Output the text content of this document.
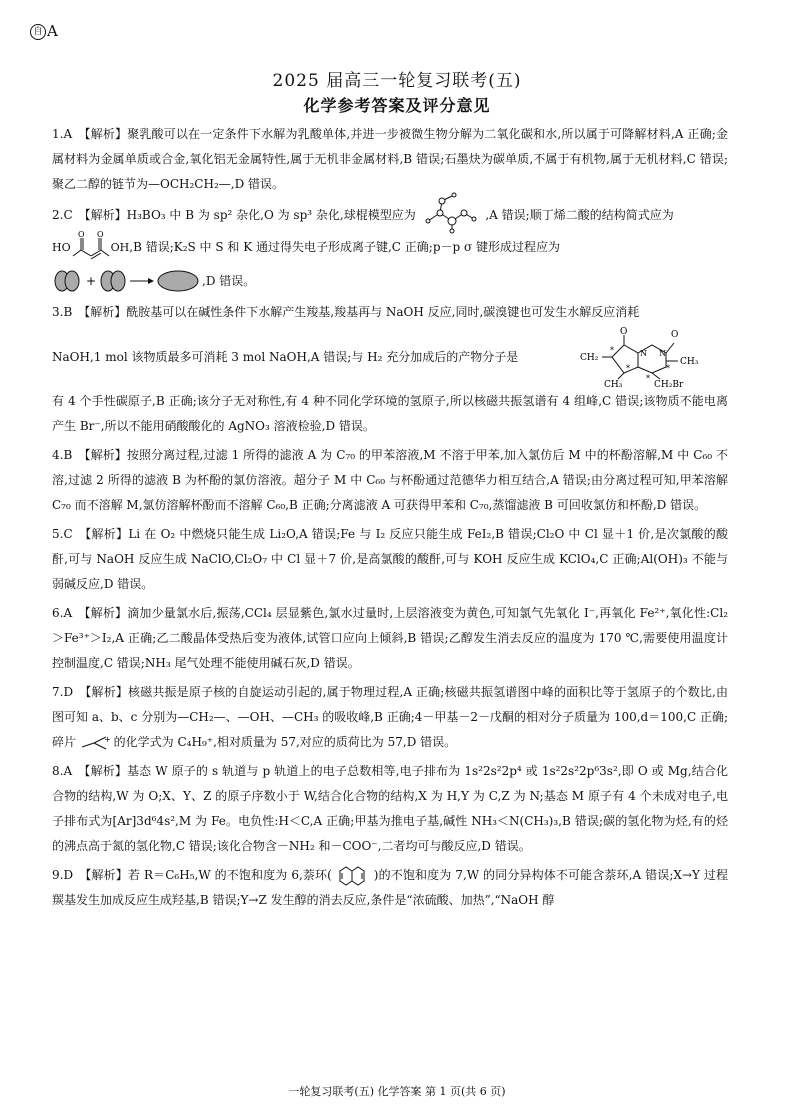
自 A
2025 届高三一轮复习联考(五)
化学参考答案及评分意见

1.A　【解析】聚乳酸可以在一定条件下水解为乳酸单体,并进一步被微生物分解为二氧化碳和水,所以属于可降解材料,A 正确;金属材料为金属单质或合金,氧化铝无金属特性,属于无机非金属材料,B 错误;石墨炔为碳单质,不属于有机物,属于无机材料,C 错误;聚乙二醇的链节为—OCH₂CH₂—,D 错误。

2.C　【解析】H₃BO₃ 中 B 为 sp² 杂化,O 为 sp³ 杂化,球棍模型应为	,A 错误;顺丁烯二酸的结构简式应为
HO
O O
OH ,B 错误;K₂S 中 S 和 K 通过得失电子形成离子键,C 正确;p－p σ 键形成过程应为
+	,D 错误。
3.B　【解析】酰胺基可以在碱性条件下水解产生羧基,羧基再与 NaOH 反应,同时,碳溴键也可发生水解反应消耗
NaOH,1 mol 该物质最多可消耗 3 mol NaOH,A 错误;与 H₂ 充分加成后的产物分子是	CH₂
O	O
N N
CH₃
CH₃	CH₂Br
*
*	*
*
有 4 个手性碳原子,B 正确;该分子无对称性,有 4 种不同化学环境的氢原子,所以核磁共振氢谱有 4 组峰,C 错误;该物质不能电离产生 Br⁻,所以不能用硝酸酸化的 AgNO₃ 溶液检验,D 错误。

4.B　【解析】按照分离过程,过滤 1 所得的滤液 A 为 C₇₀ 的甲苯溶液,M 不溶于甲苯,加入氯仿后 M 中的杯酚溶解,M 中 C₆₀ 不溶,过滤 2 所得的滤液 B 为杯酚的氯仿溶液。超分子 M 中 C₆₀ 与杯酚通过范德华力相互结合,A 错误;由分离过程可知,甲苯溶解 C₇₀ 而不溶解 M,氯仿溶解杯酚而不溶解 C₆₀,B 正确;分离滤液 A 可获得甲苯和 C₇₀,蒸馏滤液 B 可回收氯仿和杯酚,D 错误。

5.C　【解析】Li 在 O₂ 中燃烧只能生成 Li₂O,A 错误;Fe 与 I₂ 反应只能生成 FeI₂,B 错误;Cl₂O 中 Cl 显＋1 价,是次氯酸的酸酐,可与 NaOH 反应生成 NaClO,Cl₂O₇ 中 Cl 显＋7 价,是高氯酸的酸酐,可与 KOH 反应生成 KClO₄,C 正确;Al(OH)₃ 不能与弱碱反应,D 错误。

6.A　【解析】滴加少量氯水后,振荡,CCl₄ 层显紫色,氯水过量时,上层溶液变为黄色,可知氯气先氧化 I⁻,再氧化 Fe²⁺,氧化性:Cl₂＞Fe³⁺＞I₂,A 正确;乙二酸晶体受热后变为液体,试管口应向上倾斜,B 错误;乙醇发生消去反应的温度为 170 ℃,需要使用温度计控制温度,C 错误;NH₃ 尾气处理不能使用碱石灰,D 错误。

7.D　【解析】核磁共振是原子核的自旋运动引起的,属于物理过程,A 正确;核磁共振氢谱图中峰的面积比等于氢原子的个数比,由图可知 a、b、c 分别为—CH₂—、—OH、—CH₃ 的吸收峰,B 正确;4－甲基－2－戊酮的相对分子质量为 100,d＝100,C 正确;碎片	+ 的化学式为 C₄H₉⁺,相对质量为 57,对应的质荷比为 57,D 错误。

8.A　【解析】基态 W 原子的 s 轨道与 p 轨道上的电子总数相等,电子排布为 1s²2s²2p⁴ 或 1s²2s²2p⁶3s²,即 O 或 Mg,结合化合物的结构,W 为 O;X、Y、Z 的原子序数小于 W,结合化合物的结构,X 为 H,Y 为 C,Z 为 N;基态 M 原子有 4 个未成对电子,电子排布式为[Ar]3d⁶4s²,M 为 Fe。电负性:H＜C,A 正确;甲基为推电子基,碱性 NH₃＜N(CH₃)₃,B 错误;碳的氢化物为烃,有的烃的沸点高于氮的氢化物,C 错误;该化合物含－NH₂ 和－COO⁻,二者均可与酸反应,D 错误。

9.D　【解析】若 R＝C₆H₅,W 的不饱和度为 6,萘环(	)的不饱和度为 7,W 的同分异构体不可能含萘环,A 错误;X→Y 过程羰基发生加成反应生成羟基,B 错误;Y→Z 发生醇的消去反应,条件是“浓硫酸、加热”,“NaOH 醇

一轮复习联考(五) 化学答案 第 1 页(共 6 页)
